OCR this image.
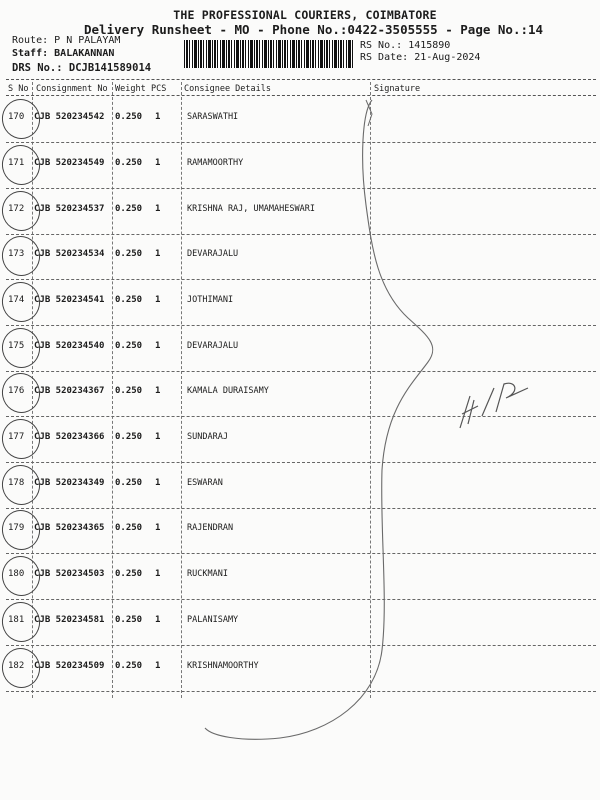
THE PROFESSIONAL COURIERS, COIMBATORE
Delivery Runsheet - MO - Phone No.:0422-3505555 - Page No.:14
Route: P N PALAYAM
Staff: BALAKANNAN
DRS No.: DCJB141589014
RS No.: 1415890
RS Date: 21-Aug-2024
S No Consignment No Weight PCS Consignee Details	Signature
170 CJB 520234542 0.250 1	SARASWATHI
171 CJB 520234549 0.250 1	RAMAMOORTHY
172 CJB 520234537 0.250 1	KRISHNA RAJ, UMAMAHESWARI
173 CJB 520234534 0.250 1	DEVARAJALU
174 CJB 520234541 0.250 1	JOTHIMANI
175 CJB 520234540 0.250 1	DEVARAJALU
176 CJB 520234367 0.250 1	KAMALA DURAISAMY
177 CJB 520234366 0.250 1	SUNDARAJ
178 CJB 520234349 0.250 1	ESWARAN
179 CJB 520234365 0.250 1	RAJENDRAN
180 CJB 520234503 0.250 1	RUCKMANI
181 CJB 520234581 0.250 1	PALANISAMY
182 CJB 520234509 0.250 1	KRISHNAMOORTHY
